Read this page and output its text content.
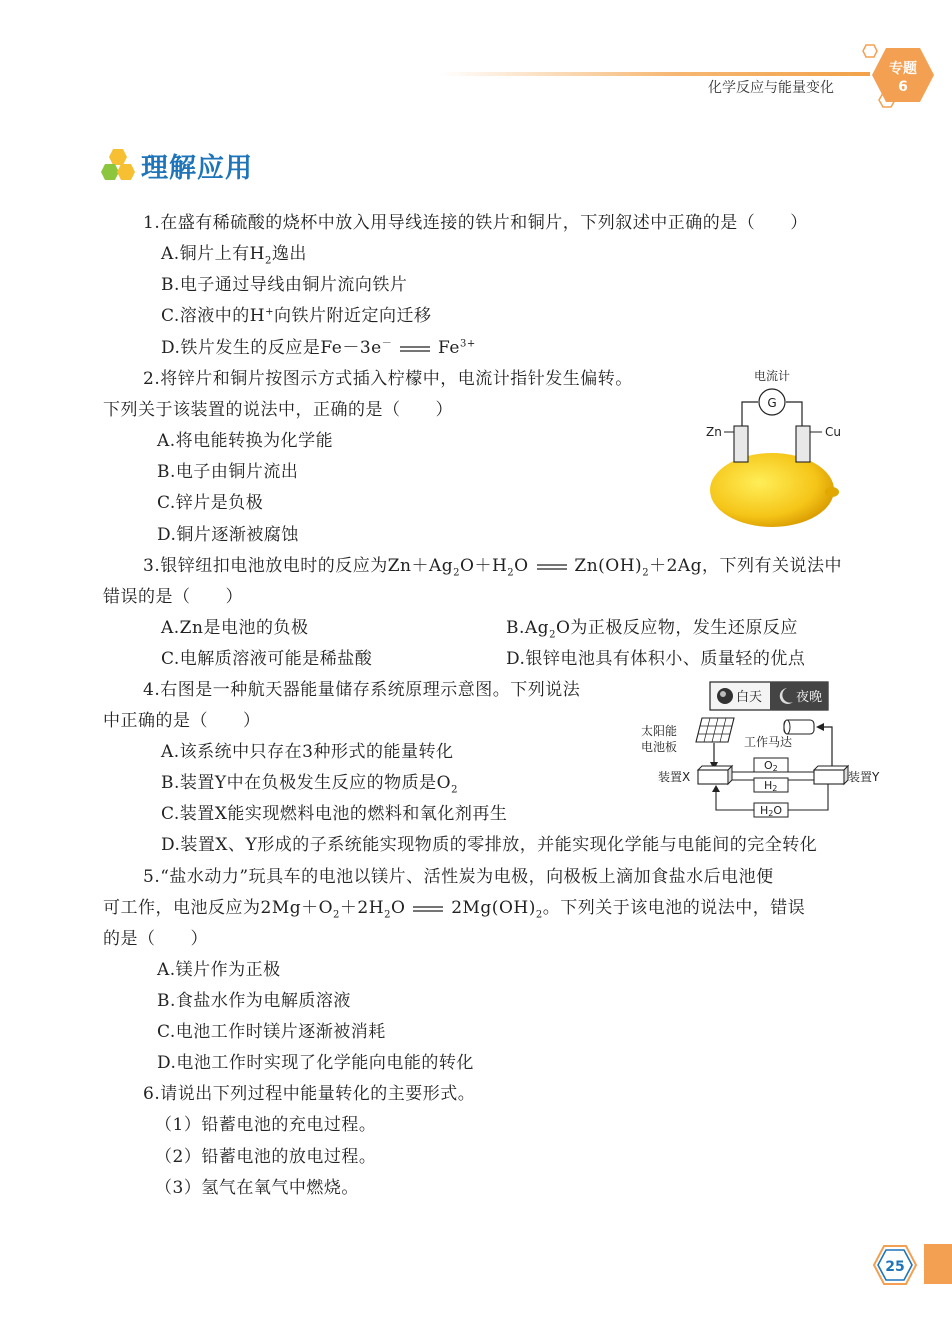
化学反应与能量变化
专题
6
理解应用
1.在盛有稀硫酸的烧杯中放入用导线连接的铁片和铜片，下列叙述中正确的是（　　）
A.铜片上有$H_2$逸出
B.电子通过导线由铜片流向铁片
C.溶液中的H+向铁片附近定向迁移
D.铁片发生的反应是Fe－3e－	$Fe^{3+}$
2.将锌片和铜片按图示方式插入柠檬中，电流计指针发生偏转。
下列关于该装置的说法中，正确的是（　　）
A.将电能转换为化学能
B.电子由铜片流出
C.锌片是负极
D.铜片逐渐被腐蚀
电流计
G
Zn	Cu
3.银锌纽扣电池放电时的反应为$Zn+Ag_2O+H_2O$	$Zn(OH)_2+2Ag$，下列有关说法中
错误的是（　　）
A.Zn是电池的负极	$B.Ag_2O$为正极反应物，发生还原反应
C.电解质溶液可能是稀盐酸	D.银锌电池具有体积小、质量轻的优点
4.右图是一种航天器能量储存系统原理示意图。下列说法
中正确的是（　　）
A.该系统中只存在3种形式的能量转化
B.装置Y中在负极发生反应的物质是$O_2$
C.装置X能实现燃料电池的燃料和氧化剂再生
D.装置X、Y形成的子系统能实现物质的零排放，并能实现化学能与电能间的完全转化
白天	夜晚
太阳能
电池板	工作马达
装置X	装置Y
O2
H2
H2O
5.“盐水动力”玩具车的电池以镁片、活性炭为电极，向极板上滴加食盐水后电池便
可工作，电池反应为$2Mg+O_2+2H_2O$	$2Mg(OH)_2$。下列关于该电池的说法中，错误
的是（　　）
A.镁片作为正极
B.食盐水作为电解质溶液
C.电池工作时镁片逐渐被消耗
D.电池工作时实现了化学能向电能的转化
6.请说出下列过程中能量转化的主要形式。
（1）铅蓄电池的充电过程。
（2）铅蓄电池的放电过程。
（3）氢气在氧气中燃烧。
25
